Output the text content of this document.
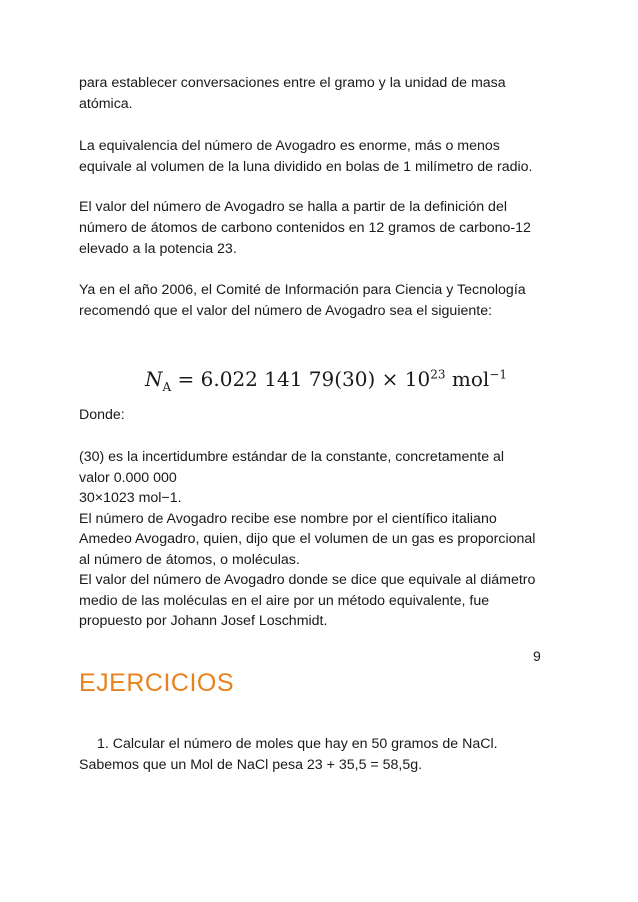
para establecer conversaciones entre el gramo y la unidad de masa
atómica.
La equivalencia del número de Avogadro es enorme, más o menos
equivale al volumen de la luna dividido en bolas de 1 milímetro de radio.
El valor del número de Avogadro se halla a partir de la definición del
número de átomos de carbono contenidos en 12 gramos de carbono-12
elevado a la potencia 23.
Ya en el año 2006, el Comité de Información para Ciencia y Tecnología
recomendó que el valor del número de Avogadro sea el siguiente:
$N_A = 6.022$ 141 $79(30) \times 10^{23}$ mol$^{-1}$
Donde:
(30) es la incertidumbre estándar de la constante, concretamente al
valor 0.000 000
30×1023 mol−1.
El número de Avogadro recibe ese nombre por el científico italiano
Amedeo Avogadro, quien, dijo que el volumen de un gas es proporcional
al número de átomos, o moléculas.
El valor del número de Avogadro donde se dice que equivale al diámetro
medio de las moléculas en el aire por un método equivalente, fue
propuesto por Johann Josef Loschmidt.
9
EJERCICIOS
1. Calcular el número de moles que hay en 50 gramos de NaCl.
Sabemos que un Mol de NaCl pesa 23 + 35,5 = 58,5g.
